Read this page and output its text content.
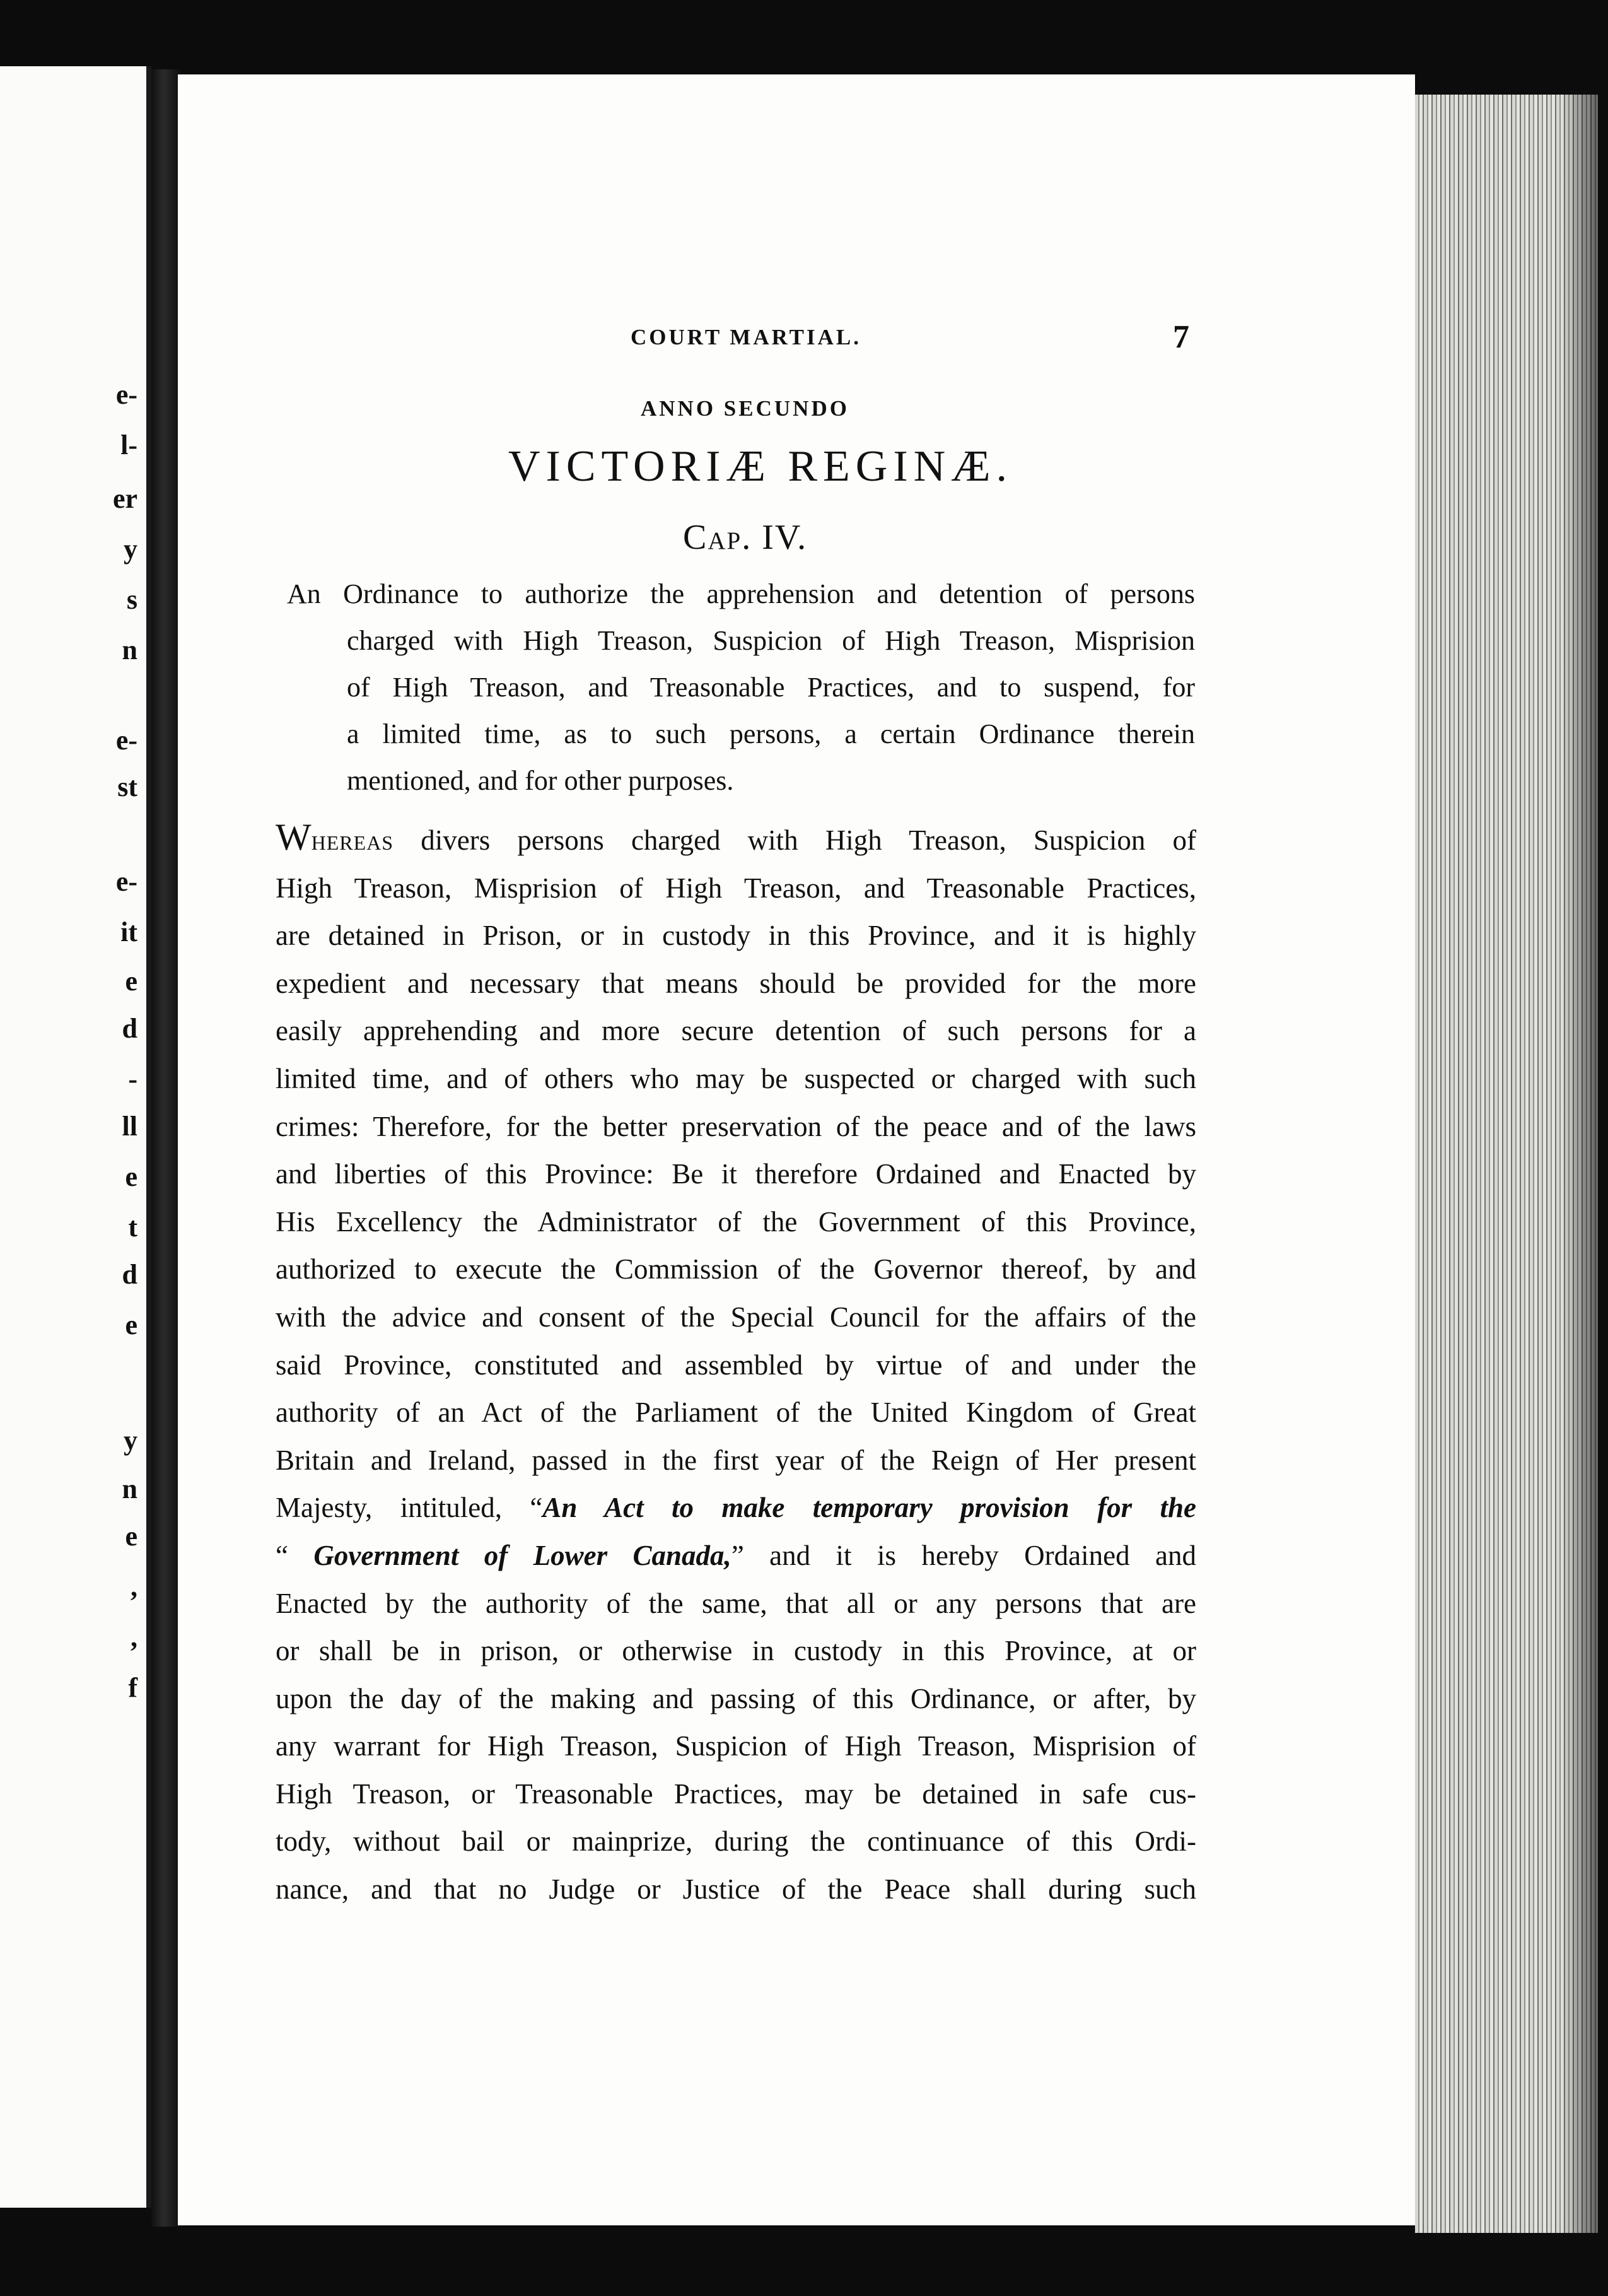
e-
l-
er
y
s
n
e-
st
e-
it
e
d
-
ll
e
t
d
e
y
n
e
,
,
f
COURT MARTIAL.	7
ANNO SECUNDO
VICTORIÆ REGINÆ.
Cap. IV.
An Ordinance to authorize the apprehension and detention of persons
charged with High Treason, Suspicion of High Treason, Misprision
of High Treason, and Treasonable Practices, and to suspend, for
a limited time, as to such persons, a certain Ordinance therein
mentioned, and for other purposes.
Whereas divers persons charged with High Treason, Suspicion of
High Treason, Misprision of High Treason, and Treasonable Practices,
are detained in Prison, or in custody in this Province, and it is highly
expedient and necessary that means should be provided for the more
easily apprehending and more secure detention of such persons for a
limited time, and of others who may be suspected or charged with such
crimes: Therefore, for the better preservation of the peace and of the laws
and liberties of this Province: Be it therefore Ordained and Enacted by
His Excellency the Administrator of the Government of this Province,
authorized to execute the Commission of the Governor thereof, by and
with the advice and consent of the Special Council for the affairs of the
said Province, constituted and assembled by virtue of and under the
authority of an Act of the Parliament of the United Kingdom of Great
Britain and Ireland, passed in the first year of the Reign of Her present
Majesty, intituled, “An Act to make temporary provision for the
“ Government of Lower Canada,” and it is hereby Ordained and
Enacted by the authority of the same, that all or any persons that are
or shall be in prison, or otherwise in custody in this Province, at or
upon the day of the making and passing of this Ordinance, or after, by
any warrant for High Treason, Suspicion of High Treason, Misprision of
High Treason, or Treasonable Practices, may be detained in safe cus-
tody, without bail or mainprize, during the continuance of this Ordi-
nance, and that no Judge or Justice of the Peace shall during such
